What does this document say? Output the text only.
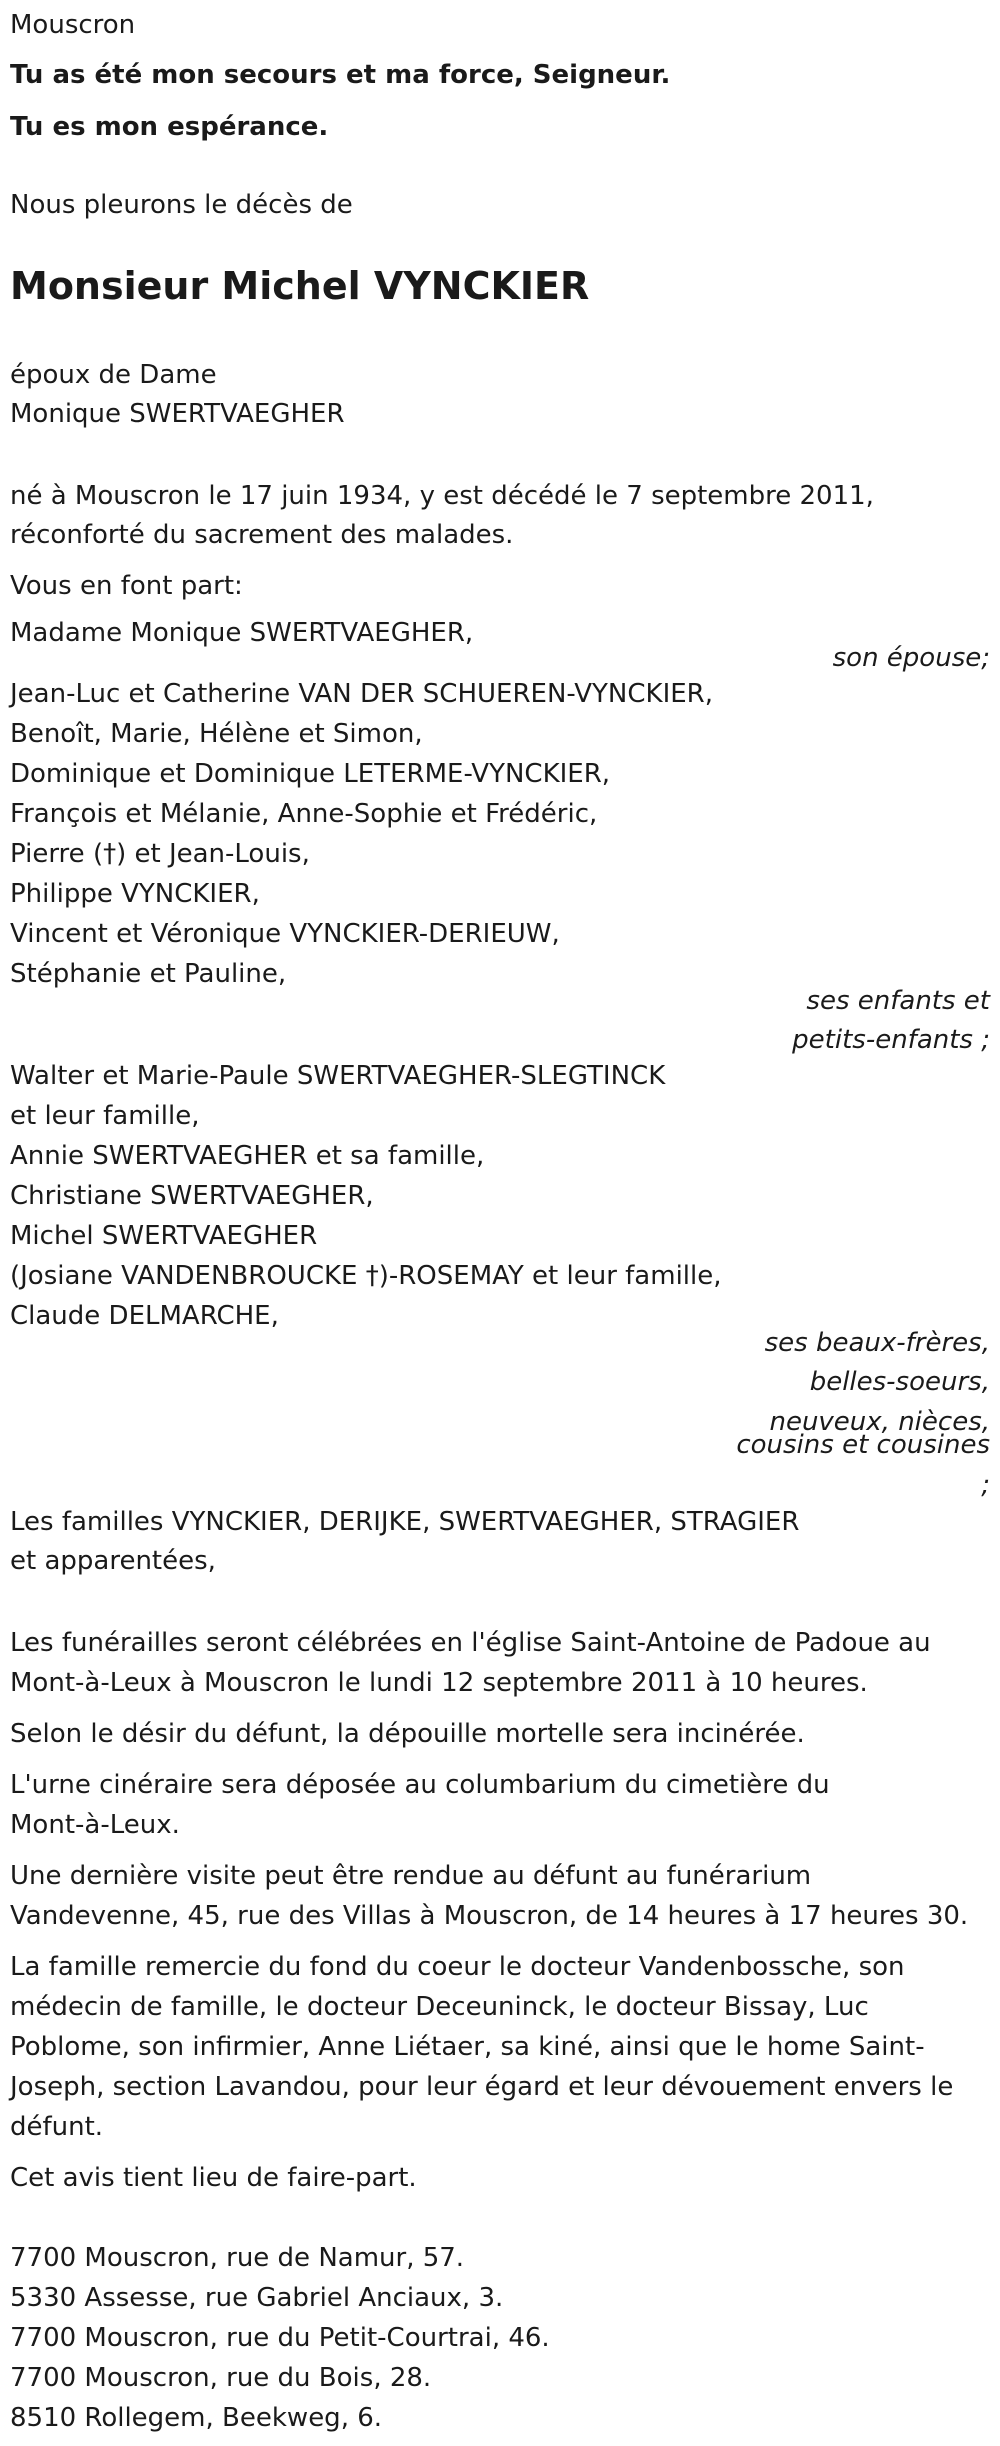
Mouscron
Tu as été mon secours et ma force, Seigneur.
Tu es mon espérance.
Nous pleurons le décès de
Monsieur Michel VYNCKIER
époux de Dame
Monique SWERTVAEGHER
né à Mouscron le 17 juin 1934, y est décédé le 7 septembre 2011,
réconforté du sacrement des malades.
Vous en font part:
Madame Monique SWERTVAEGHER,
son épouse;
Jean-Luc et Catherine VAN DER SCHUEREN-VYNCKIER,
Benoît, Marie, Hélène et Simon,
Dominique et Dominique LETERME-VYNCKIER,
François et Mélanie, Anne-Sophie et Frédéric,
Pierre (†) et Jean-Louis,
Philippe VYNCKIER,
Vincent et Véronique VYNCKIER-DERIEUW,
Stéphanie et Pauline,
ses enfants et
petits-enfants ;
Walter et Marie-Paule SWERTVAEGHER-SLEGTINCK
et leur famille,
Annie SWERTVAEGHER et sa famille,
Christiane SWERTVAEGHER,
Michel SWERTVAEGHER
(Josiane VANDENBROUCKE †)-ROSEMAY et leur famille,
Claude DELMARCHE,
ses beaux-frères,
belles-soeurs,
neuveux, nièces,
cousins et cousines
;
Les familles VYNCKIER, DERIJKE, SWERTVAEGHER, STRAGIER
et apparentées,
Les funérailles seront célébrées en l'église Saint-Antoine de Padoue au
Mont-à-Leux à Mouscron le lundi 12 septembre 2011 à 10 heures.
Selon le désir du défunt, la dépouille mortelle sera incinérée.
L'urne cinéraire sera déposée au columbarium du cimetière du
Mont-à-Leux.
Une dernière visite peut être rendue au défunt au funérarium
Vandevenne, 45, rue des Villas à Mouscron, de 14 heures à 17 heures 30.
La famille remercie du fond du coeur le docteur Vandenbossche, son
médecin de famille, le docteur Deceuninck, le docteur Bissay, Luc
Poblome, son infirmier, Anne Liétaer, sa kiné, ainsi que le home Saint-
Joseph, section Lavandou, pour leur égard et leur dévouement envers le
défunt.
Cet avis tient lieu de faire-part.
7700 Mouscron, rue de Namur, 57.
5330 Assesse, rue Gabriel Anciaux, 3.
7700 Mouscron, rue du Petit-Courtrai, 46.
7700 Mouscron, rue du Bois, 28.
8510 Rollegem, Beekweg, 6.
